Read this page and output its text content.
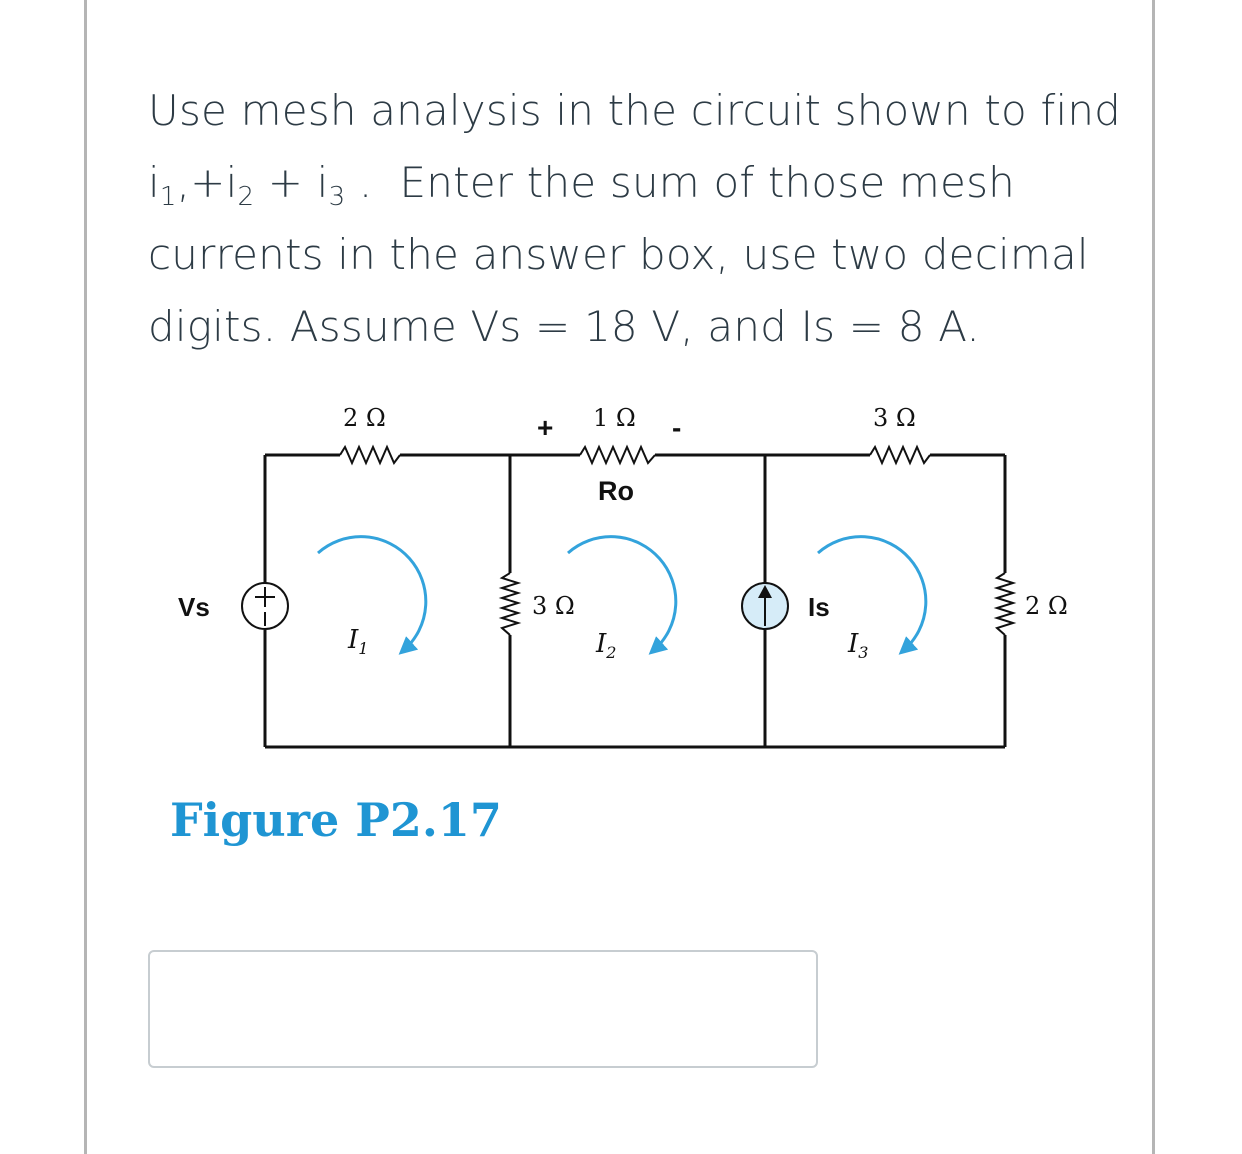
Use mesh analysis in the circuit shown to find
$i_1,+i_2 + i_3$ .  Enter the sum of those mesh
currents in the answer box, use two decimal
digits. Assume Vs = 18 V, and Is = 8 A.
2 Ω	1 Ω	3 Ω
3 Ω	2 Ω
+	-
Ro
Vs	Is
$I_1$	$I_2$	$I_3$
Figure P2.17
